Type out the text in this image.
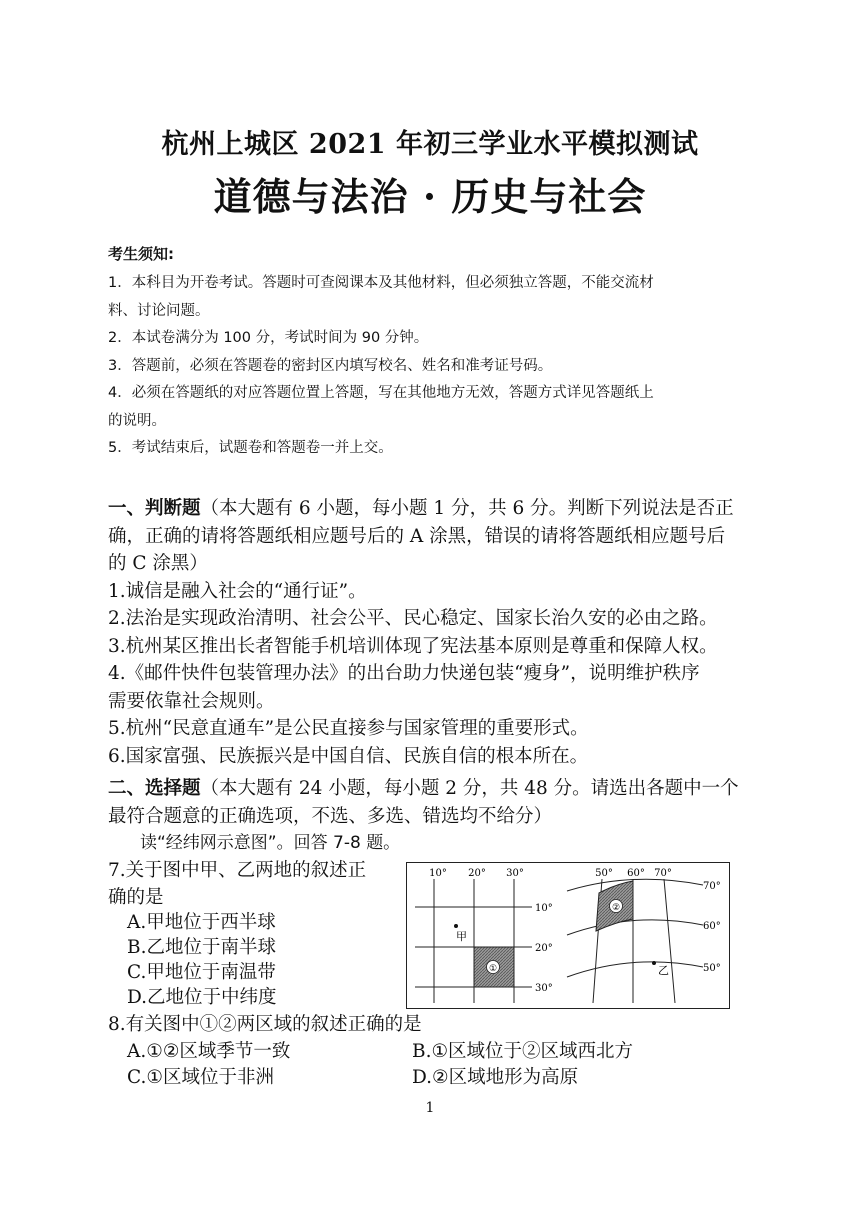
杭州上城区 2021 年初三学业水平模拟测试
道德与法治 · 历史与社会
考生须知:
1．本科目为开卷考试。答题时可查阅课本及其他材料，但必须独立答题，不能交流材
料、讨论问题。
2．本试卷满分为 100 分，考试时间为 90 分钟。
3．答题前，必须在答题卷的密封区内填写校名、姓名和准考证号码。
4．必须在答题纸的对应答题位置上答题，写在其他地方无效，答题方式详见答题纸上
的说明。
5．考试结束后，试题卷和答题卷一并上交。
一、判断题（本大题有 6 小题，每小题 1 分，共 6 分。判断下列说法是否正
确，正确的请将答题纸相应题号后的 A 涂黑，错误的请将答题纸相应题号后
的 C 涂黑）
1.诚信是融入社会的“通行证”。
2.法治是实现政治清明、社会公平、民心稳定、国家长治久安的必由之路。
3.杭州某区推出长者智能手机培训体现了宪法基本原则是尊重和保障人权。
4.《邮件快件包装管理办法》的出台助力快递包装“瘦身”，说明维护秩序
需要依靠社会规则。
5.杭州“民意直通车”是公民直接参与国家管理的重要形式。
6.国家富强、民族振兴是中国自信、民族自信的根本所在。
二、选择题（本大题有 24 小题，每小题 2 分，共 48 分。请选出各题中一个
最符合题意的正确选项，不选、多选、错选均不给分）
读“经纬网示意图”。回答 7-8 题。
7.关于图中甲、乙两地的叙述正
确的是
A.甲地位于西半球
B.乙地位于南半球
C.甲地位于南温带
D.乙地位于中纬度
①
甲
10° 20° 30°
10°
20°
30°
②
乙
50° 60° 70°
70°
60°
50°
8.有关图中①②两区域的叙述正确的是
A.①②区域季节一致	B.①区域位于②区域西北方
C.①区域位于非洲	D.②区域地形为高原
1
